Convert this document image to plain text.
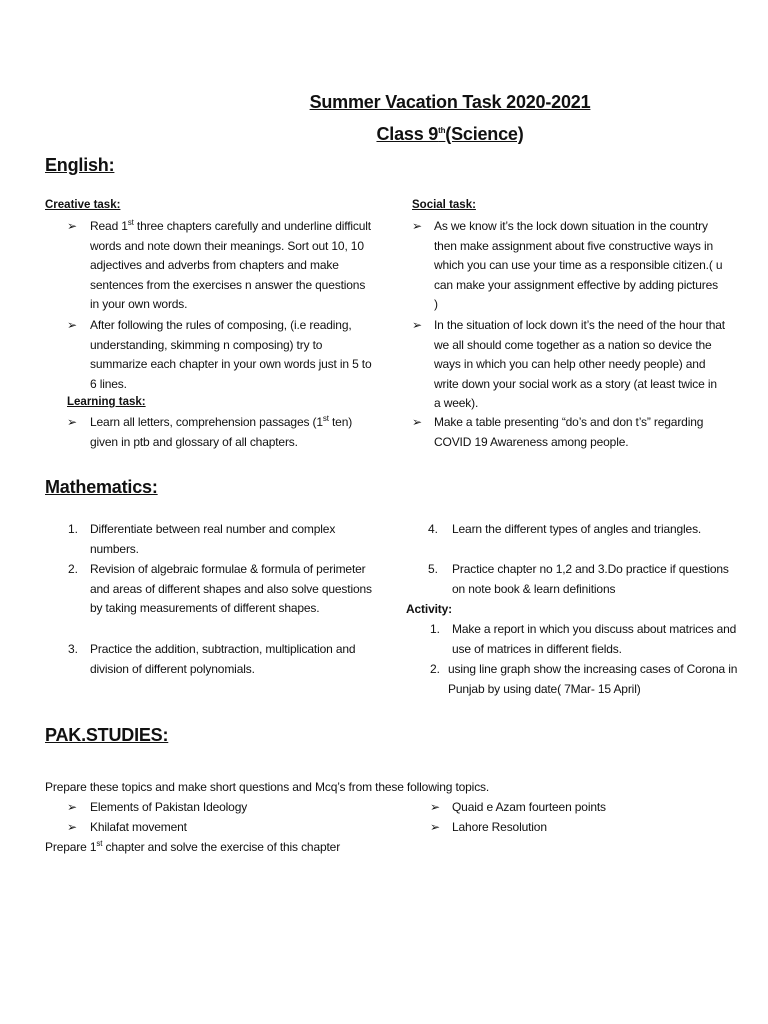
Summer Vacation Task 2020-2021
Class 9th(Science)
English:
Creative task:
➢ Read 1st three chapters carefully and underline difficult words and note down their meanings. Sort out 10, 10 adjectives and adverbs from chapters and make sentences from the exercises n answer the questions in your own words.
➢ After following the rules of composing, (i.e reading, understanding, skimming n composing) try to summarize each chapter in your own words just in 5 to 6 lines.
Learning task:
➢ Learn all letters, comprehension passages (1st ten) given in ptb and glossary of all chapters.
Social task:
➢ As we know it’s the lock down situation in the country then make assignment about five constructive ways in which you can use your time as a responsible citizen.( u can make your assignment effective by adding pictures )
➢ In the situation of lock down it’s the need of the hour that we all should come together as a nation so device the ways in which you can help other needy people) and write down your social work as a story (at least twice in a week).
➢ Make a table presenting “do’s and don t’s” regarding COVID 19 Awareness among people.
Mathematics:
1. Differentiate between real number and complex numbers.
2. Revision of algebraic formulae & formula of perimeter and areas of different shapes and also solve questions by taking measurements of different shapes.
3. Practice the addition, subtraction, multiplication and division of different polynomials.
4. Learn the different types of angles and triangles.
5. Practice chapter no 1,2 and 3.Do practice if questions on note book & learn definitions
Activity:
1. Make a report in which you discuss about matrices and use of matrices in different fields.
2. using line graph show the increasing cases of Corona in Punjab by using date( 7Mar- 15 April)
PAK.STUDIES:
Prepare these topics and make short questions and Mcq’s from these following topics.
➢ Elements of Pakistan Ideology
➢ Khilafat movement
➢ Quaid e Azam fourteen points
➢ Lahore Resolution
Prepare 1st chapter and solve the exercise of this chapter
